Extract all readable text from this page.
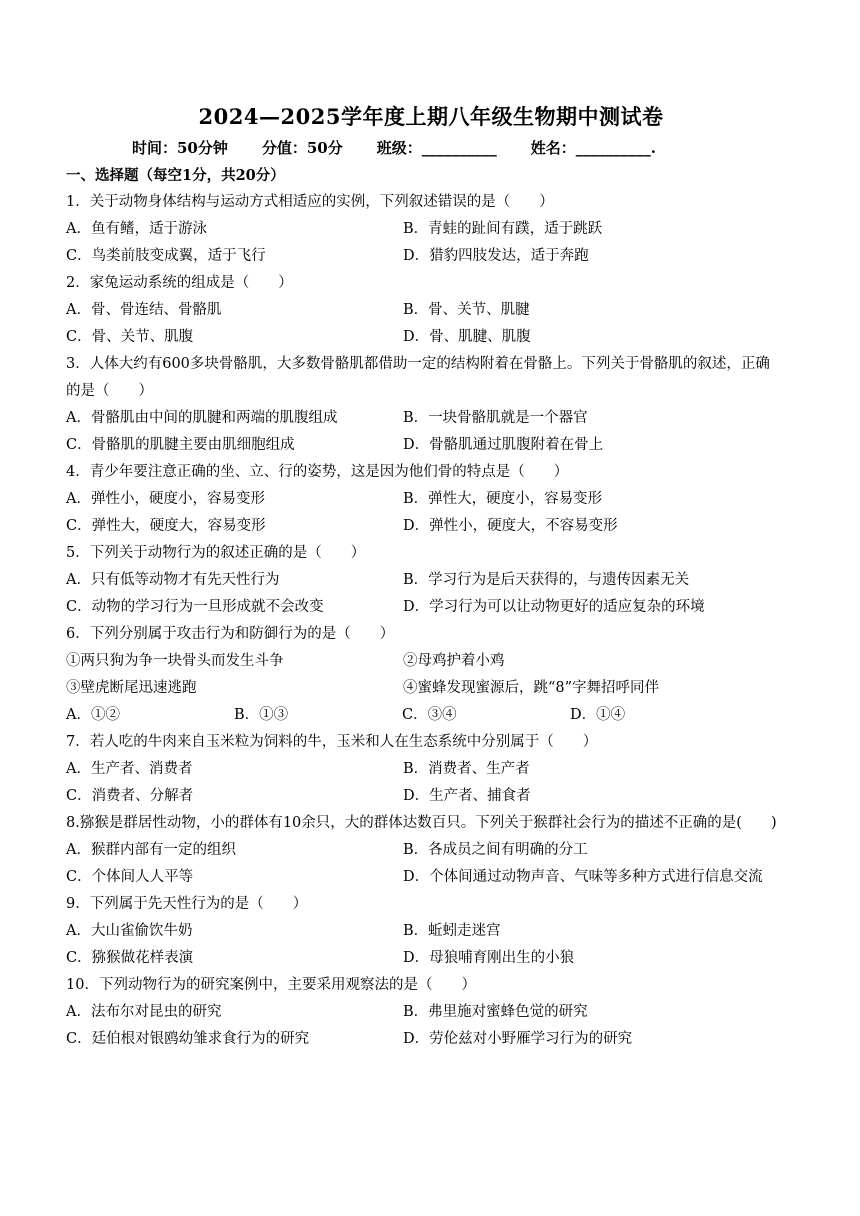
2024—2025学年度上期八年级生物期中测试卷
时间：50分钟 分值：50分 班级：__________ 姓名：__________.
一、选择题（每空1分，共20分）
1．关于动物身体结构与运动方式相适应的实例，下列叙述错误的是（　　）
A．鱼有鳍，适于游泳	B．青蛙的趾间有蹼，适于跳跃
C．鸟类前肢变成翼，适于飞行	D．猎豹四肢发达，适于奔跑
2．家兔运动系统的组成是（　　）
A．骨、骨连结、骨骼肌	B．骨、关节、肌腱
C．骨、关节、肌腹	D．骨、肌腱、肌腹
3．人体大约有600多块骨骼肌，大多数骨骼肌都借助一定的结构附着在骨骼上。下列关于骨骼肌的叙述，正确
的是（　　）
A．骨骼肌由中间的肌腱和两端的肌腹组成	B．一块骨骼肌就是一个器官
C．骨骼肌的肌腱主要由肌细胞组成	D．骨骼肌通过肌腹附着在骨上
4．青少年要注意正确的坐、立、行的姿势，这是因为他们骨的特点是（　　）
A．弹性小，硬度小，容易变形	B．弹性大，硬度小，容易变形
C．弹性大，硬度大，容易变形	D．弹性小，硬度大，不容易变形
5．下列关于动物行为的叙述正确的是（　　）
A．只有低等动物才有先天性行为	B．学习行为是后天获得的，与遗传因素无关
C．动物的学习行为一旦形成就不会改变	D．学习行为可以让动物更好的适应复杂的环境
6．下列分别属于攻击行为和防御行为的是（　　）
①两只狗为争一块骨头而发生斗争	②母鸡护着小鸡
③壁虎断尾迅速逃跑	④蜜蜂发现蜜源后，跳“8”字舞招呼同伴
A．①②	B．①③	C．③④	D．①④
7．若人吃的牛肉来自玉米粒为饲料的牛，玉米和人在生态系统中分别属于（　　）
A．生产者、消费者	B．消费者、生产者
C．消费者、分解者	D．生产者、捕食者
8.猕猴是群居性动物，小的群体有10余只，大的群体达数百只。下列关于猴群社会行为的描述不正确的是(　　)
A．猴群内部有一定的组织	B．各成员之间有明确的分工
C．个体间人人平等	D．个体间通过动物声音、气味等多种方式进行信息交流
9．下列属于先天性行为的是（　　）
A．大山雀偷饮牛奶	B．蚯蚓走迷宫
C．猕猴做花样表演	D．母狼哺育刚出生的小狼
10．下列动物行为的研究案例中，主要采用观察法的是（　　）
A．法布尔对昆虫的研究	B．弗里施对蜜蜂色觉的研究
C．廷伯根对银鸥幼雏求食行为的研究	D．劳伦兹对小野雁学习行为的研究
